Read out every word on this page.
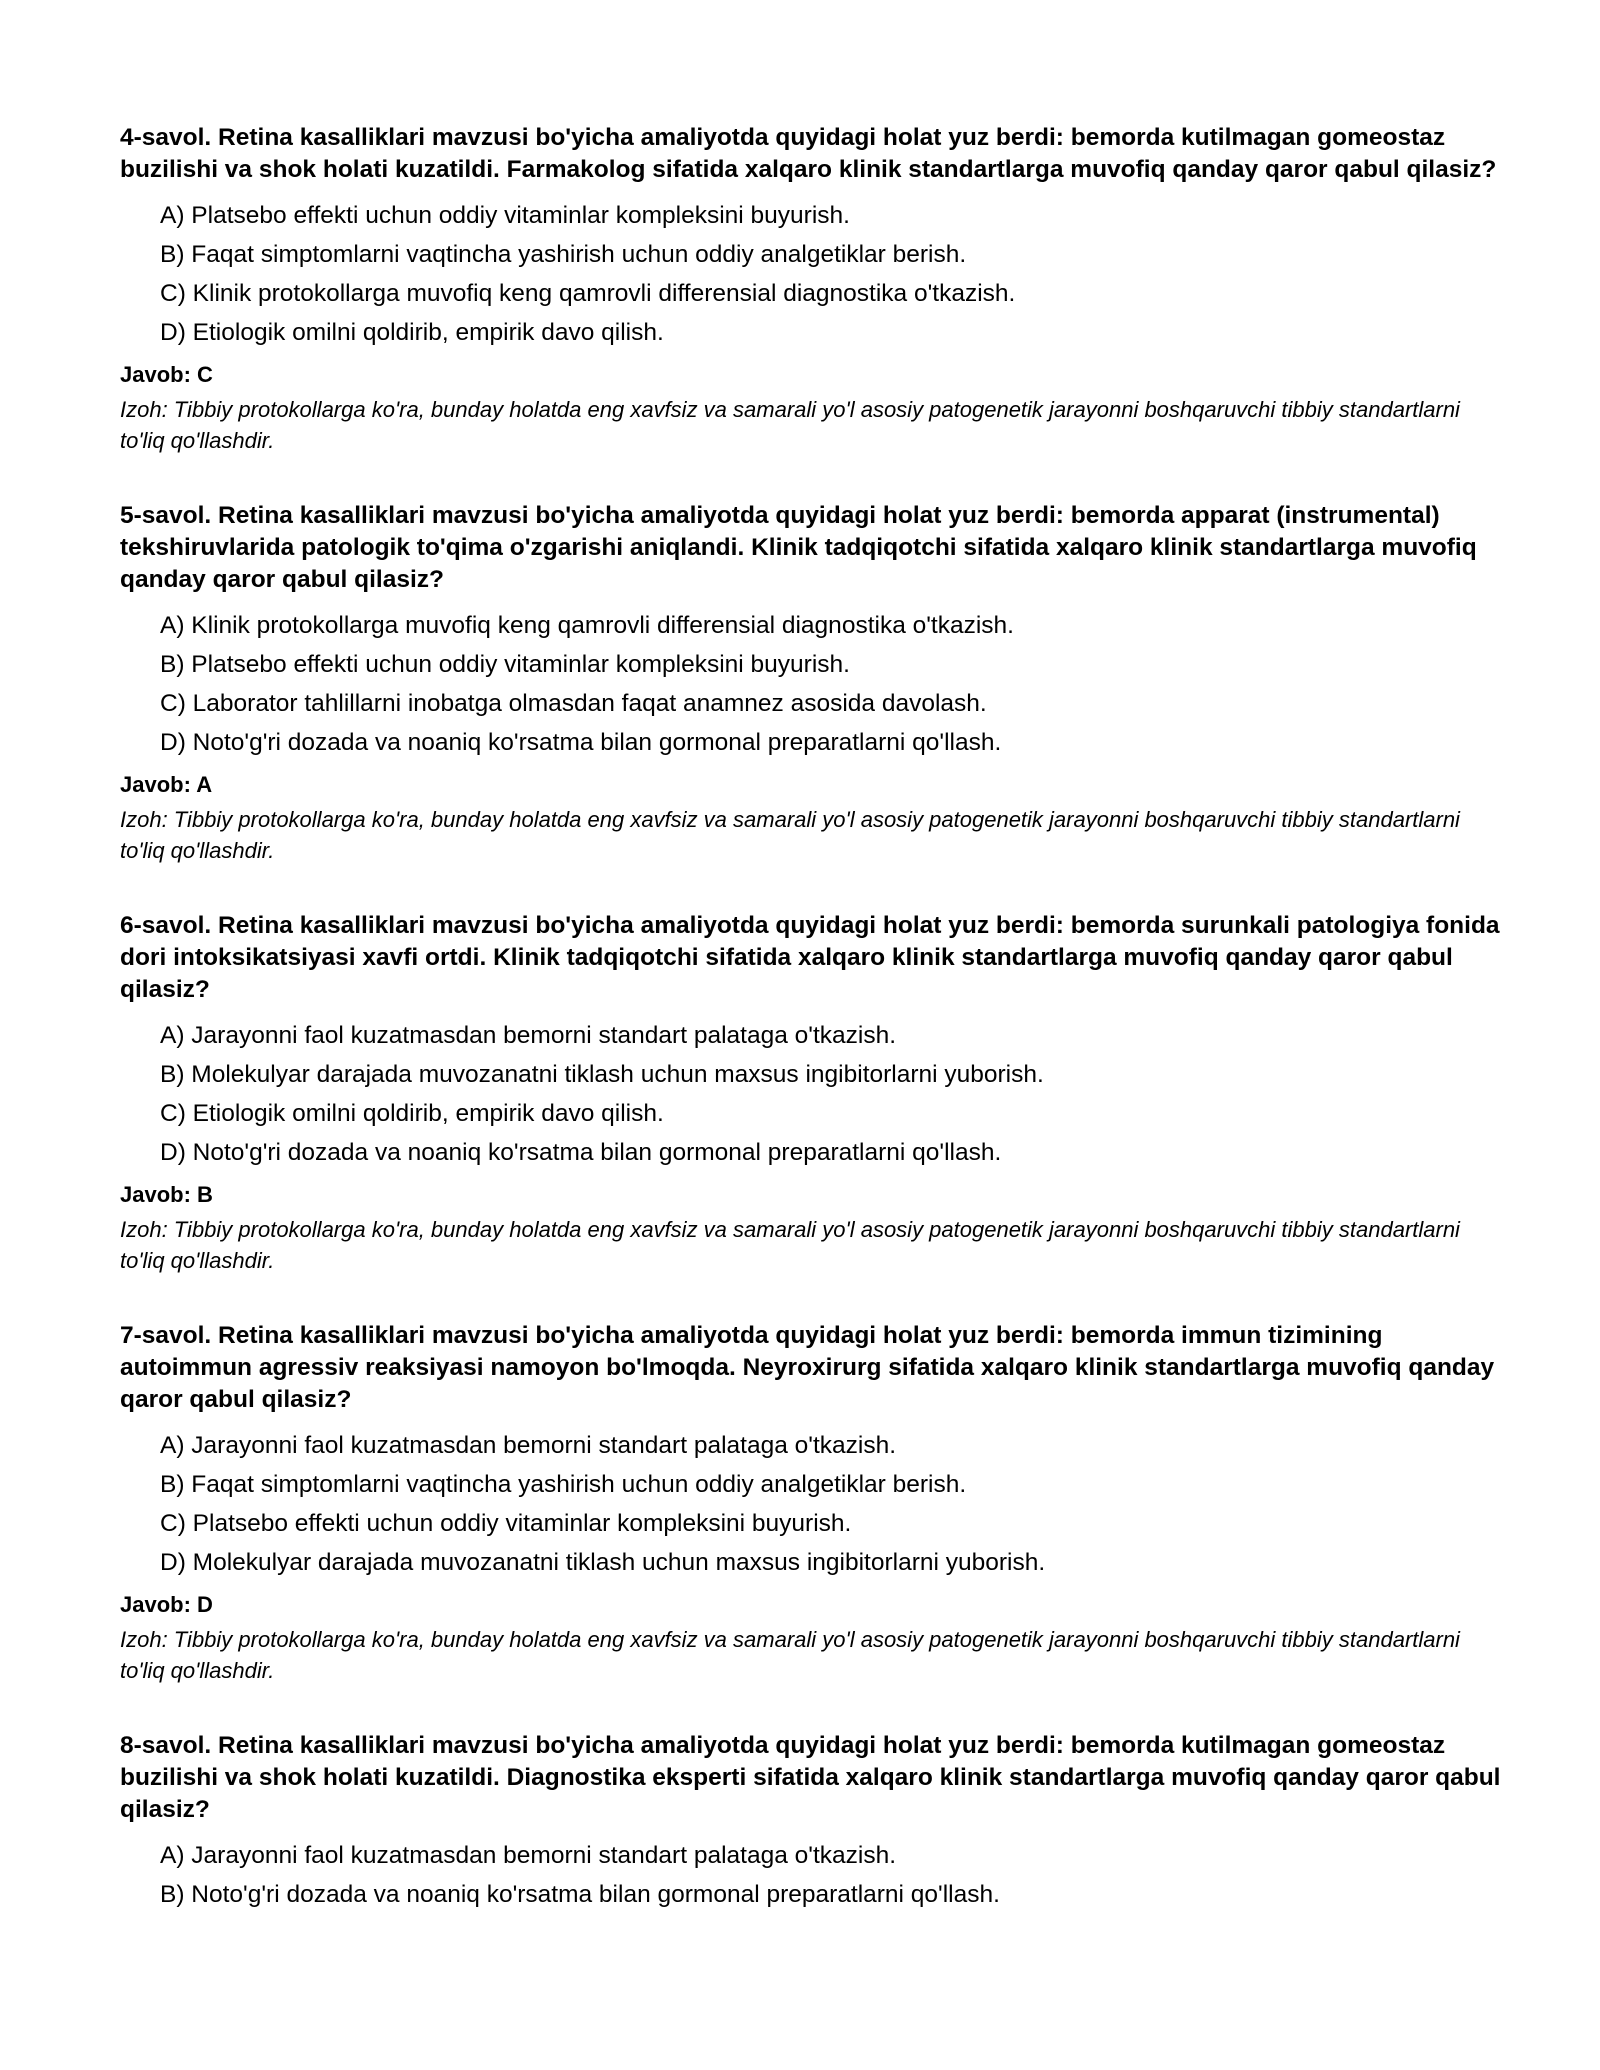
4-savol. Retina kasalliklari mavzusi bo'yicha amaliyotda quyidagi holat yuz berdi: bemorda kutilmagan gomeostaz buzilishi va shok holati kuzatildi. Farmakolog sifatida xalqaro klinik standartlarga muvofiq qanday qaror qabul qilasiz?
A) Platsebo effekti uchun oddiy vitaminlar kompleksini buyurish.
B) Faqat simptomlarni vaqtincha yashirish uchun oddiy analgetiklar berish.
C) Klinik protokollarga muvofiq keng qamrovli differensial diagnostika o'tkazish.
D) Etiologik omilni qoldirib, empirik davo qilish.
Javob: C
Izoh: Tibbiy protokollarga ko'ra, bunday holatda eng xavfsiz va samarali yo'l asosiy patogenetik jarayonni boshqaruvchi tibbiy standartlarni to'liq qo'llashdir.
5-savol. Retina kasalliklari mavzusi bo'yicha amaliyotda quyidagi holat yuz berdi: bemorda apparat (instrumental) tekshiruvlarida patologik to'qima o'zgarishi aniqlandi. Klinik tadqiqotchi sifatida xalqaro klinik standartlarga muvofiq qanday qaror qabul qilasiz?
A) Klinik protokollarga muvofiq keng qamrovli differensial diagnostika o'tkazish.
B) Platsebo effekti uchun oddiy vitaminlar kompleksini buyurish.
C) Laborator tahlillarni inobatga olmasdan faqat anamnez asosida davolash.
D) Noto'g'ri dozada va noaniq ko'rsatma bilan gormonal preparatlarni qo'llash.
Javob: A
Izoh: Tibbiy protokollarga ko'ra, bunday holatda eng xavfsiz va samarali yo'l asosiy patogenetik jarayonni boshqaruvchi tibbiy standartlarni to'liq qo'llashdir.
6-savol. Retina kasalliklari mavzusi bo'yicha amaliyotda quyidagi holat yuz berdi: bemorda surunkali patologiya fonida dori intoksikatsiyasi xavfi ortdi. Klinik tadqiqotchi sifatida xalqaro klinik standartlarga muvofiq qanday qaror qabul qilasiz?
A) Jarayonni faol kuzatmasdan bemorni standart palataga o'tkazish.
B) Molekulyar darajada muvozanatni tiklash uchun maxsus ingibitorlarni yuborish.
C) Etiologik omilni qoldirib, empirik davo qilish.
D) Noto'g'ri dozada va noaniq ko'rsatma bilan gormonal preparatlarni qo'llash.
Javob: B
Izoh: Tibbiy protokollarga ko'ra, bunday holatda eng xavfsiz va samarali yo'l asosiy patogenetik jarayonni boshqaruvchi tibbiy standartlarni to'liq qo'llashdir.
7-savol. Retina kasalliklari mavzusi bo'yicha amaliyotda quyidagi holat yuz berdi: bemorda immun tizimining autoimmun agressiv reaksiyasi namoyon bo'lmoqda. Neyroxirurg sifatida xalqaro klinik standartlarga muvofiq qanday qaror qabul qilasiz?
A) Jarayonni faol kuzatmasdan bemorni standart palataga o'tkazish.
B) Faqat simptomlarni vaqtincha yashirish uchun oddiy analgetiklar berish.
C) Platsebo effekti uchun oddiy vitaminlar kompleksini buyurish.
D) Molekulyar darajada muvozanatni tiklash uchun maxsus ingibitorlarni yuborish.
Javob: D
Izoh: Tibbiy protokollarga ko'ra, bunday holatda eng xavfsiz va samarali yo'l asosiy patogenetik jarayonni boshqaruvchi tibbiy standartlarni to'liq qo'llashdir.
8-savol. Retina kasalliklari mavzusi bo'yicha amaliyotda quyidagi holat yuz berdi: bemorda kutilmagan gomeostaz buzilishi va shok holati kuzatildi. Diagnostika eksperti sifatida xalqaro klinik standartlarga muvofiq qanday qaror qabul qilasiz?
A) Jarayonni faol kuzatmasdan bemorni standart palataga o'tkazish.
B) Noto'g'ri dozada va noaniq ko'rsatma bilan gormonal preparatlarni qo'llash.
